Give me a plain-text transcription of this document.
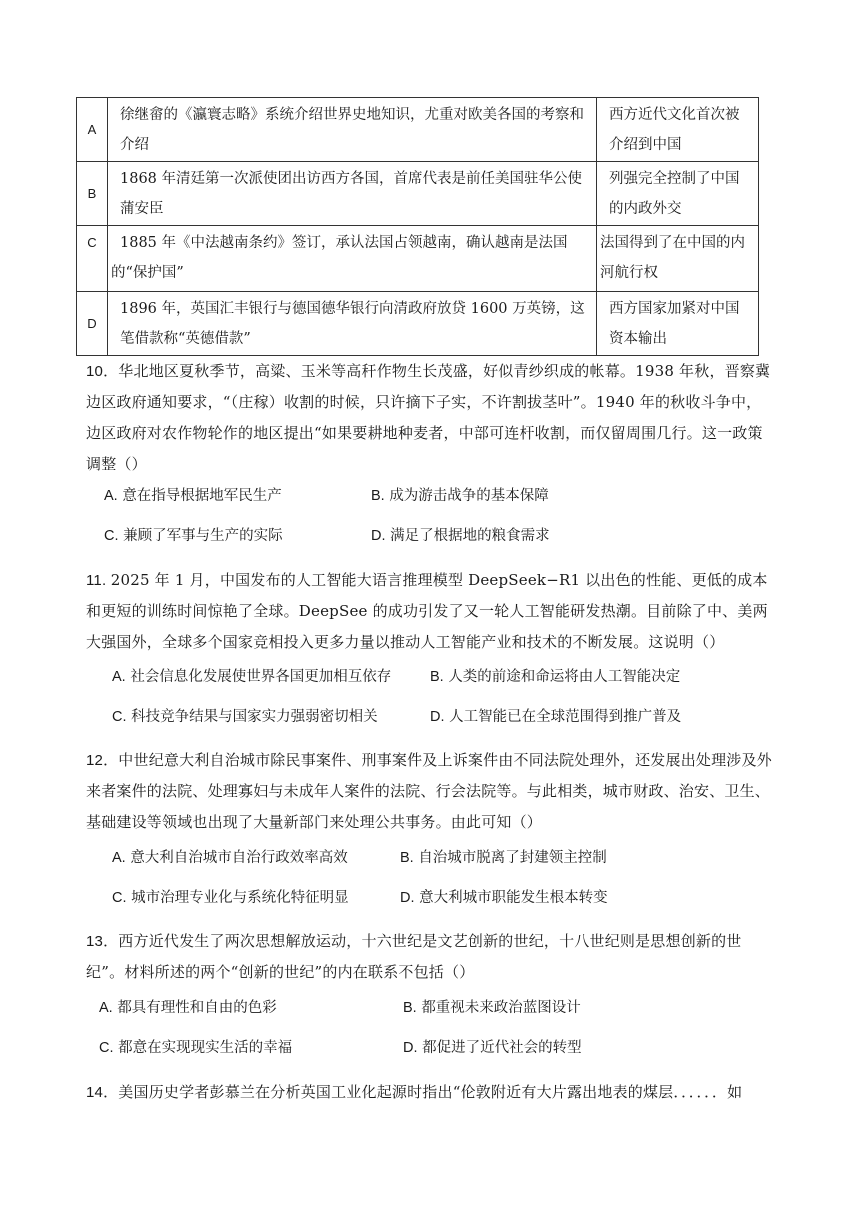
A	徐继畲的《瀛寰志略》系统介绍世界史地知识，尤重对欧美各国的考察和介绍	西方近代文化首次被介绍到中国
B	1868 年清廷第一次派使团出访西方各国，首席代表是前任美国驻华公使蒲安臣	列强完全控制了中国的内政外交
C	1885 年《中法越南条约》签订，承认法国占领越南，确认越南是法国的“保护国”	法国得到了在中国的内河航行权
D	1896 年，英国汇丰银行与德国德华银行向清政府放贷 1600 万英镑，这笔借款称“英德借款”	西方国家加紧对中国资本输出
10．华北地区夏秋季节，高粱、玉米等高秆作物生长茂盛，好似青纱织成的帐幕。1938 年秋，晋察冀边区政府通知要求，“（庄稼）收割的时候，只许摘下子实，不许割拔茎叶”。1940 年的秋收斗争中，边区政府对农作物轮作的地区提出“如果要耕地种麦者，中部可连杆收割，而仅留周围几行。这一政策调整（）
A. 意在指导根据地军民生产	B. 成为游击战争的基本保障
C. 兼顾了军事与生产的实际	D. 满足了根据地的粮食需求
11. 2025 年 1 月，中国发布的人工智能大语言推理模型 DeepSeek−R1 以出色的性能、更低的成本和更短的训练时间惊艳了全球。DeepSee 的成功引发了又一轮人工智能研发热潮。目前除了中、美两大强国外，全球多个国家竞相投入更多力量以推动人工智能产业和技术的不断发展。这说明（）
A. 社会信息化发展使世界各国更加相互依存	B. 人类的前途和命运将由人工智能决定
C. 科技竞争结果与国家实力强弱密切相关	D. 人工智能已在全球范围得到推广普及
12．中世纪意大利自治城市除民事案件、刑事案件及上诉案件由不同法院处理外，还发展出处理涉及外来者案件的法院、处理寡妇与未成年人案件的法院、行会法院等。与此相类，城市财政、治安、卫生、基础建设等领域也出现了大量新部门来处理公共事务。由此可知（）
A. 意大利自治城市自治行政效率高效	B. 自治城市脱离了封建领主控制
C. 城市治理专业化与系统化特征明显	D. 意大利城市职能发生根本转变
13．西方近代发生了两次思想解放运动，十六世纪是文艺创新的世纪，十八世纪则是思想创新的世纪”。材料所述的两个“创新的世纪”的内在联系不包括（）
A. 都具有理性和自由的色彩	B. 都重视未来政治蓝图设计
C. 都意在实现现实生活的幸福	D. 都促进了近代社会的转型
14．美国历史学者彭慕兰在分析英国工业化起源时指出“伦敦附近有大片露出地表的煤层．．．．．．如
